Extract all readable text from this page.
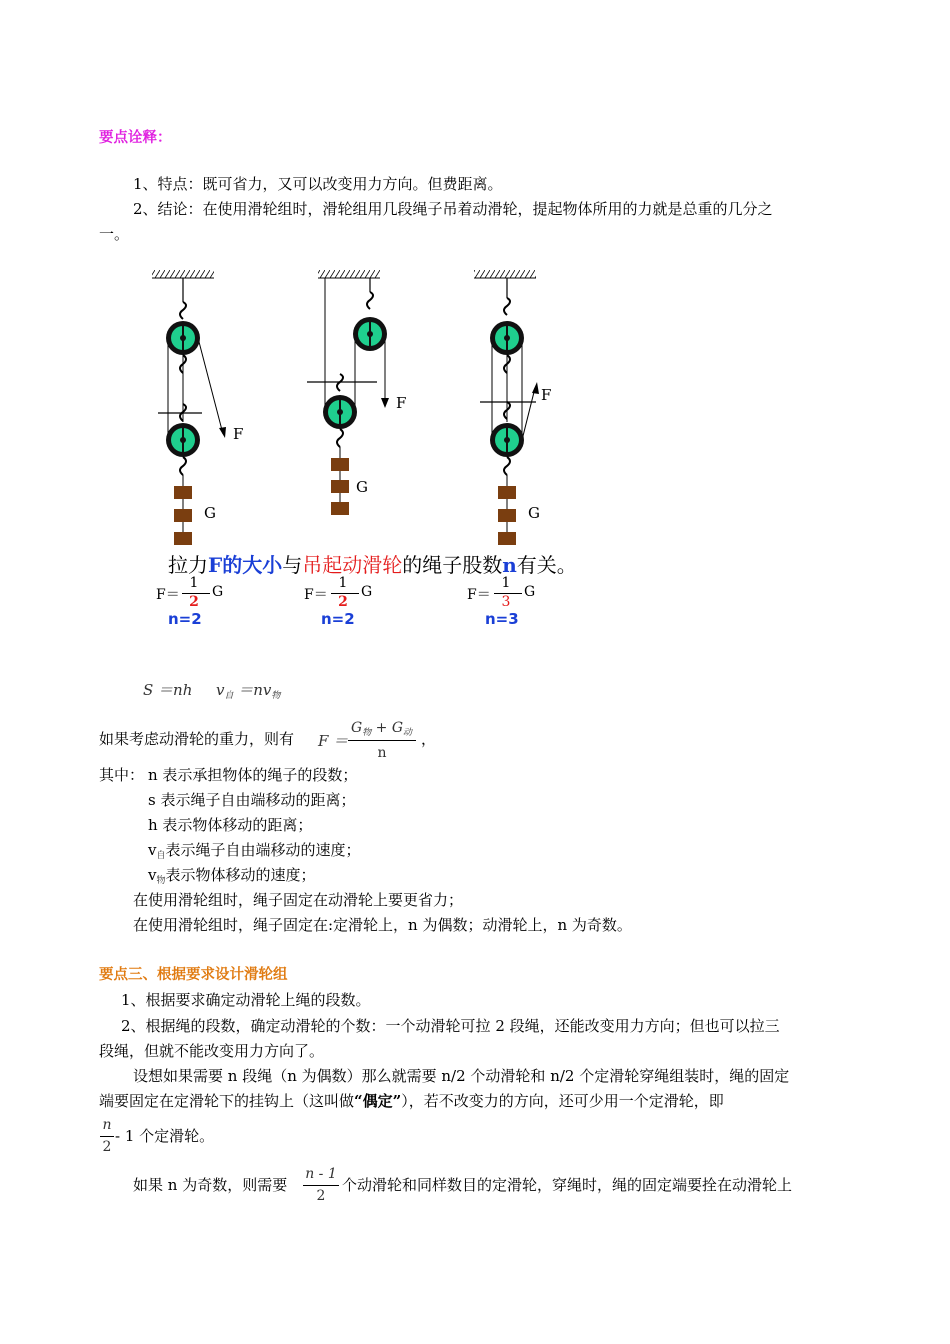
要点诠释：
1、特点：既可省力，又可以改变用力方向。但费距离。
2、结论：在使用滑轮组时，滑轮组用几段绳子吊着动滑轮，提起物体所用的力就是总重的几分之
一。
F
G
F
G
F
G
拉力F的大小与吊起动滑轮的绳子股数n有关。
F＝
1
2
G
n=2
F＝
1
2
G
n=2
F＝
1
3
G
n=3
S ＝nh $v_自 =nv_物$
如果考虑动滑轮的重力，则有 F ＝
$G_物 + G_动$
n
，
其中： n 表示承担物体的绳子的段数；
s 表示绳子自由端移动的距离；
h 表示物体移动的距离；
$v_自$表示绳子自由端移动的速度；
$v_物$表示物体移动的速度；
在使用滑轮组时，绳子固定在动滑轮上要更省力；
在使用滑轮组时，绳子固定在:定滑轮上，n 为偶数；动滑轮上，n 为奇数。
要点三、根据要求设计滑轮组
1、根据要求确定动滑轮上绳的段数。
2、根据绳的段数，确定动滑轮的个数：一个动滑轮可拉 2 段绳，还能改变用力方向；但也可以拉三
段绳，但就不能改变用力方向了。
设想如果需要 n 段绳（n 为偶数）那么就需要 n/2 个动滑轮和 n/2 个定滑轮穿绳组装时，绳的固定
端要固定在定滑轮下的挂钩上（这叫做“偶定”），若不改变力的方向，还可少用一个定滑轮，即
n
2
- 1 个定滑轮。
如果 n 为奇数，则需要
n - 1
2
个动滑轮和同样数目的定滑轮，穿绳时，绳的固定端要拴在动滑轮上
